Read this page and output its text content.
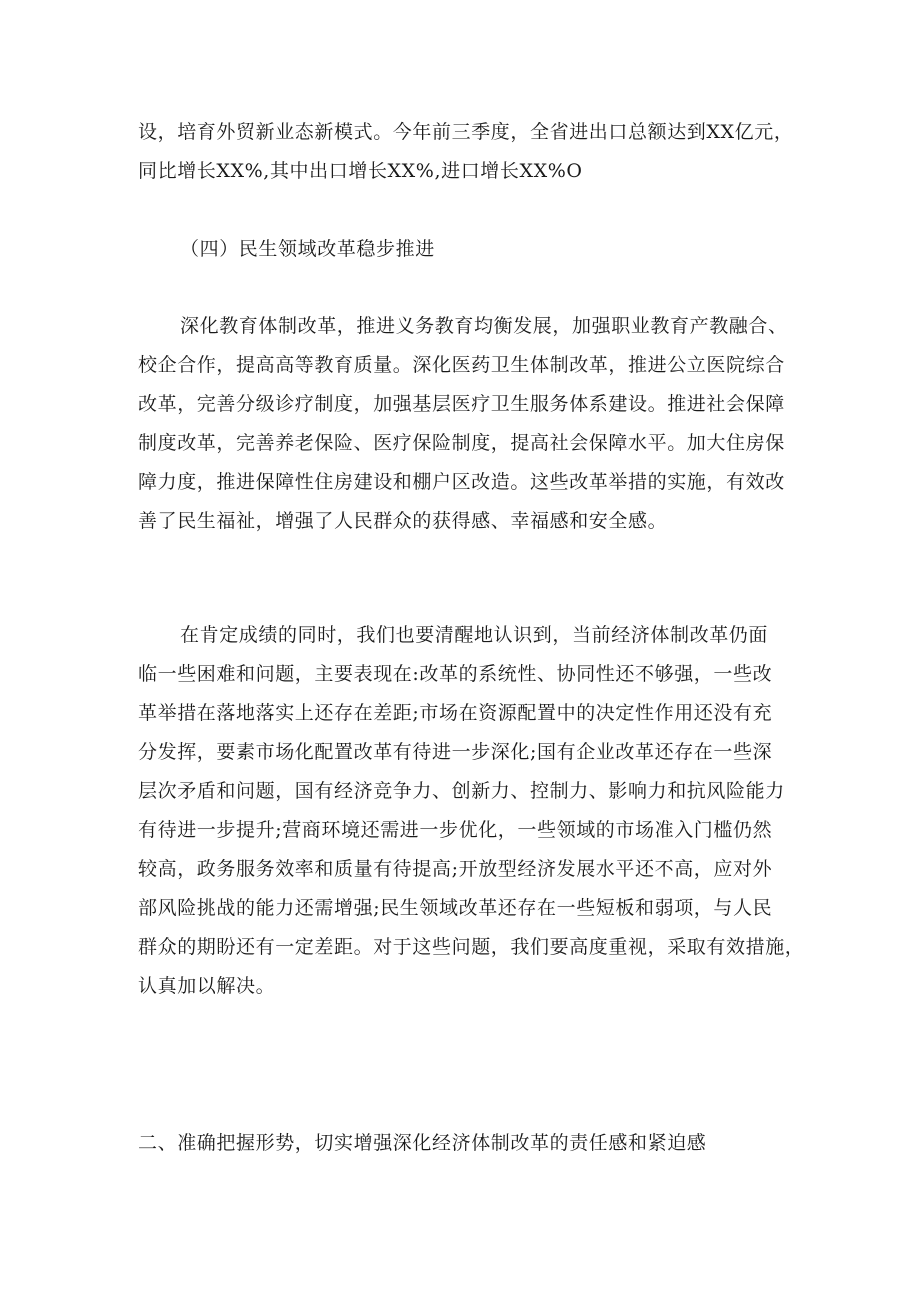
设，培育外贸新业态新模式。今年前三季度，全省进出口总额达到XX亿元，
同比增长XX%,其中出口增长XX%,进口增长XX%O
（四）民生领域改革稳步推进
深化教育体制改革，推进义务教育均衡发展，加强职业教育产教融合、
校企合作，提高高等教育质量。深化医药卫生体制改革，推进公立医院综合
改革，完善分级诊疗制度，加强基层医疗卫生服务体系建设。推进社会保障
制度改革，完善养老保险、医疗保险制度，提高社会保障水平。加大住房保
障力度，推进保障性住房建设和棚户区改造。这些改革举措的实施，有效改
善了民生福祉，增强了人民群众的获得感、幸福感和安全感。
在肯定成绩的同时，我们也要清醒地认识到，当前经济体制改革仍面
临一些困难和问题，主要表现在:改革的系统性、协同性还不够强，一些改
革举措在落地落实上还存在差距;市场在资源配置中的决定性作用还没有充
分发挥，要素市场化配置改革有待进一步深化;国有企业改革还存在一些深
层次矛盾和问题，国有经济竞争力、创新力、控制力、影响力和抗风险能力
有待进一步提升;营商环境还需进一步优化，一些领域的市场准入门槛仍然
较高，政务服务效率和质量有待提高;开放型经济发展水平还不高，应对外
部风险挑战的能力还需增强;民生领域改革还存在一些短板和弱项，与人民
群众的期盼还有一定差距。对于这些问题，我们要高度重视，采取有效措施，
认真加以解决。
二、准确把握形势，切实增强深化经济体制改革的责任感和紧迫感
